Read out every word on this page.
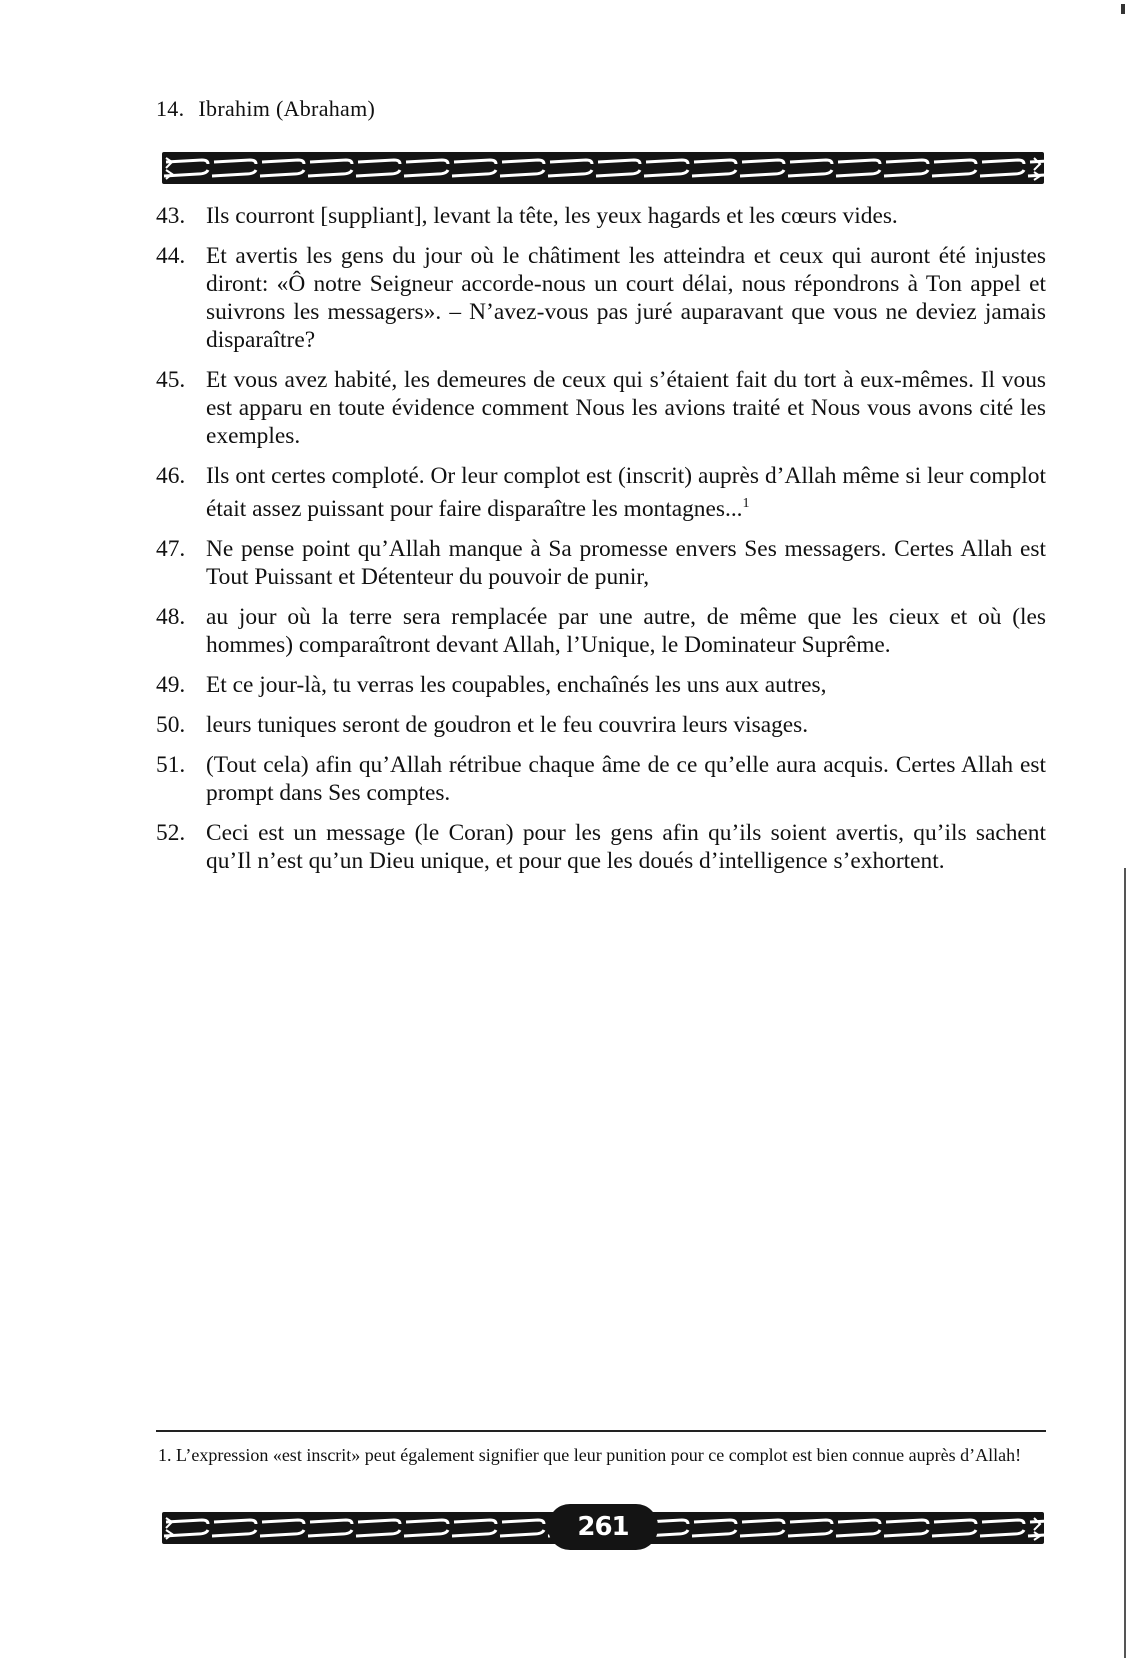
14. Ibrahim (Abraham)
43. Ils courront [suppliant], levant la tête, les yeux hagards et les cœurs vides.
44. Et avertis les gens du jour où le châtiment les atteindra et ceux qui auront été injustes diront: «Ô notre Seigneur accorde-nous un court délai, nous répondrons à Ton appel et suivrons les messagers». – N’avez-vous pas juré auparavant que vous ne deviez jamais disparaître?
45. Et vous avez habité, les demeures de ceux qui s’étaient fait du tort à eux-mêmes. Il vous est apparu en toute évidence comment Nous les avions traité et Nous vous avons cité les exemples.
46. Ils ont certes comploté. Or leur complot est (inscrit) auprès d’Allah même si leur complot était assez puissant pour faire disparaître les montagnes...$^1$
47. Ne pense point qu’Allah manque à Sa promesse envers Ses messagers. Certes Allah est Tout Puissant et Détenteur du pouvoir de punir,
48. au jour où la terre sera remplacée par une autre, de même que les cieux et où (les hommes) comparaîtront devant Allah, l’Unique, le Dominateur Suprême.
49. Et ce jour-là, tu verras les coupables, enchaînés les uns aux autres,
50. leurs tuniques seront de goudron et le feu couvrira leurs visages.
51. (Tout cela) afin qu’Allah rétribue chaque âme de ce qu’elle aura acquis. Certes Allah est prompt dans Ses comptes.
52. Ceci est un message (le Coran) pour les gens afin qu’ils soient avertis, qu’ils sachent qu’Il n’est qu’un Dieu unique, et pour que les doués d’intelligence s’exhortent.
1. L’expression «est inscrit» peut également signifier que leur punition pour ce complot est bien connue auprès d’Allah!
261
